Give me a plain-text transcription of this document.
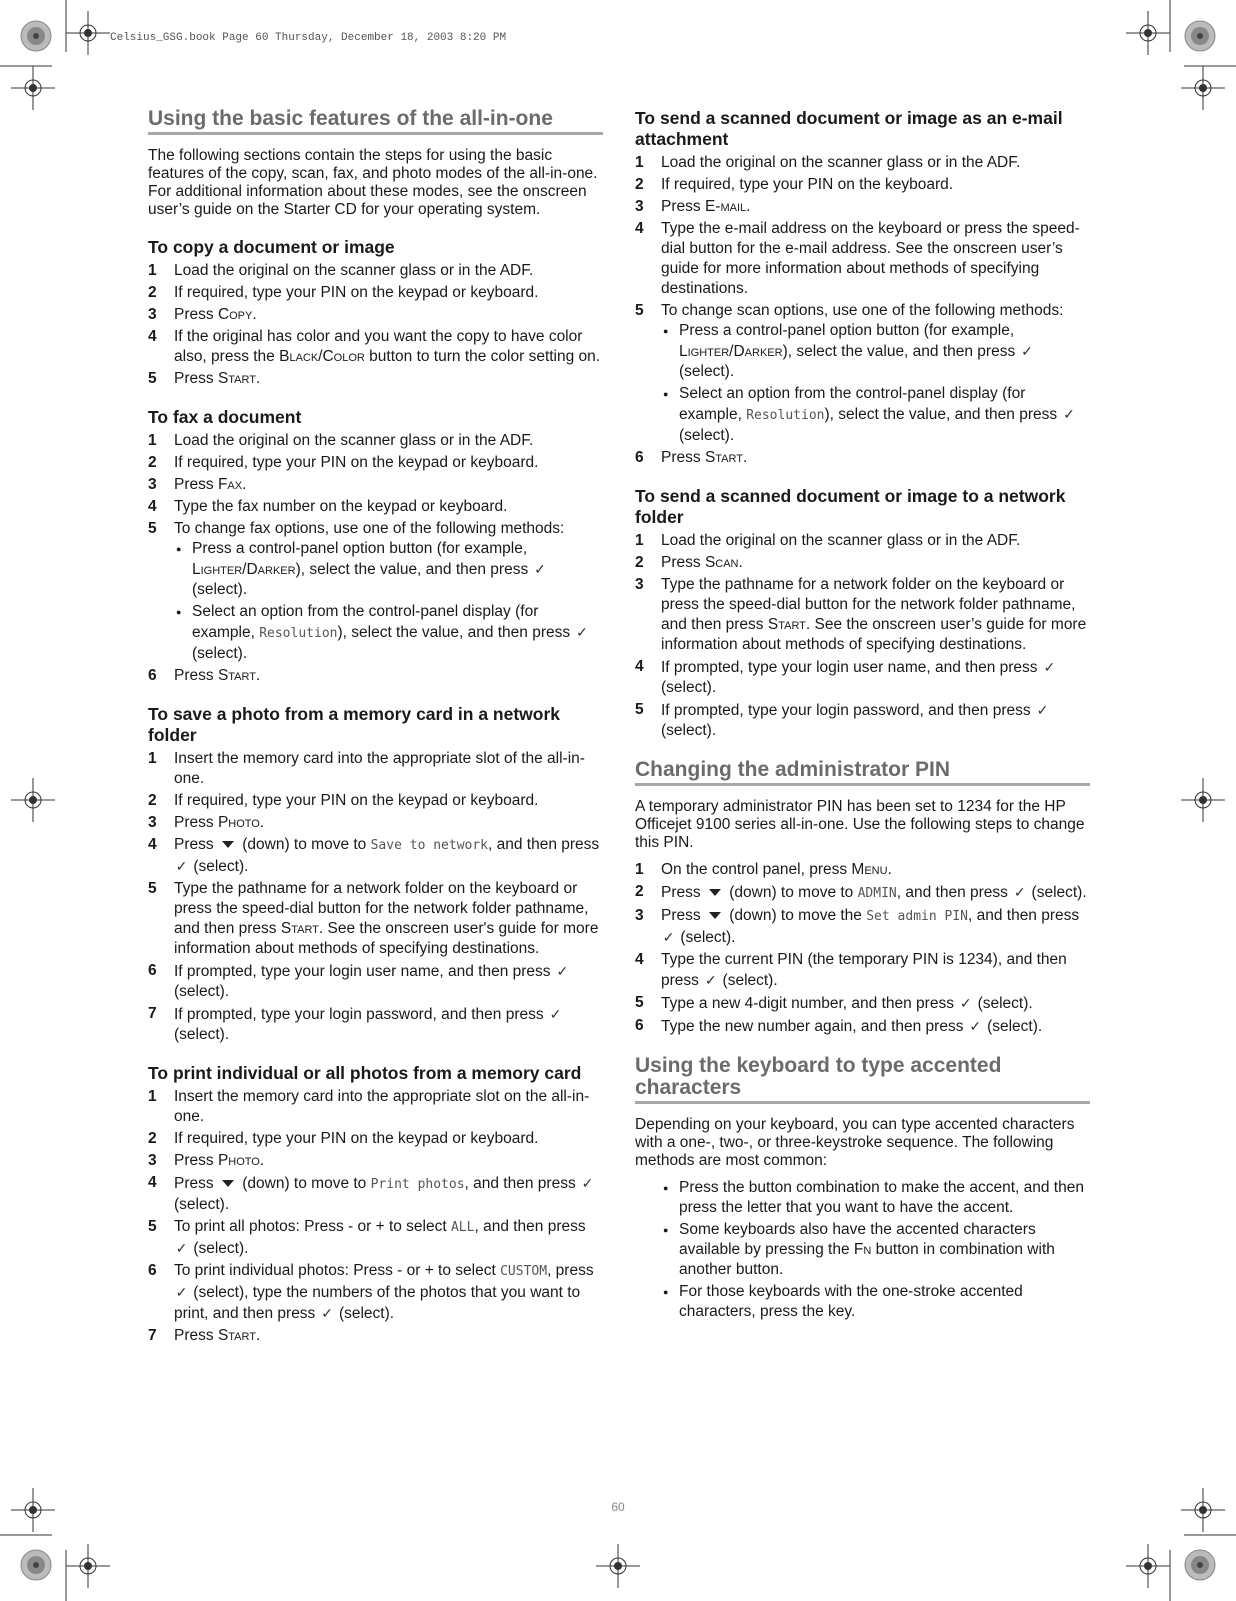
Celsius_GSG.book Page 60 Thursday, December 18, 2003 8:20 PM
Using the basic features of the all-in-one

The following sections contain the steps for using the basic features of the copy, scan, fax, and photo modes of the all-in-one. For additional information about these modes, see the onscreen user’s guide on the Starter CD for your operating system.

To copy a document or image
1 Load the original on the scanner glass or in the ADF.
2 If required, type your PIN on the keypad or keyboard.
3 Press Copy.
4 If the original has color and you want the copy to have color also, press the Black/Color button to turn the color setting on.
5 Press Start.
To fax a document
1 Load the original on the scanner glass or in the ADF.
2 If required, type your PIN on the keypad or keyboard.
3 Press Fax.
4 Type the fax number on the keypad or keyboard.
5 To change fax options, use one of the following methods:
● Press a control-panel option button (for example, Lighter/Darker), select the value, and then press ✓ (select).
● Select an option from the control-panel display (for example, Resolution), select the value, and then press ✓ (select).
6 Press Start.
To save a photo from a memory card in a network folder
1 Insert the memory card into the appropriate slot of the all-in-one.
2 If required, type your PIN on the keypad or keyboard.
3 Press Photo.
4 Press  (down) to move to Save to network, and then press ✓ (select).
5 Type the pathname for a network folder on the keyboard or press the speed-dial button for the network folder pathname, and then press Start. See the onscreen user's guide for more information about methods of specifying destinations.
6 If prompted, type your login user name, and then press ✓ (select).
7 If prompted, type your login password, and then press ✓ (select).
To print individual or all photos from a memory card
1 Insert the memory card into the appropriate slot on the all-in-one.
2 If required, type your PIN on the keypad or keyboard.
3 Press Photo.
4 Press  (down) to move to Print photos, and then press ✓ (select).
5 To print all photos: Press - or + to select ALL, and then press ✓ (select).
6 To print individual photos: Press - or + to select CUSTOM, press ✓ (select), type the numbers of the photos that you want to print, and then press ✓ (select).
7 Press Start.
To send a scanned document or image as an e-mail attachment
1 Load the original on the scanner glass or in the ADF.
2 If required, type your PIN on the keyboard.
3 Press E-mail.
4 Type the e-mail address on the keyboard or press the speed-dial button for the e-mail address. See the onscreen user’s guide for more information about methods of specifying destinations.
5 To change scan options, use one of the following methods:
● Press a control-panel option button (for example, Lighter/Darker), select the value, and then press ✓ (select).
● Select an option from the control-panel display (for example, Resolution), select the value, and then press ✓ (select).
6 Press Start.
To send a scanned document or image to a network folder
1 Load the original on the scanner glass or in the ADF.
2 Press Scan.
3 Type the pathname for a network folder on the keyboard or press the speed-dial button for the network folder pathname, and then press Start. See the onscreen user’s guide for more information about methods of specifying destinations.
4 If prompted, type your login user name, and then press ✓ (select).
5 If prompted, type your login password, and then press ✓ (select).
Changing the administrator PIN

A temporary administrator PIN has been set to 1234 for the HP Officejet 9100 series all-in-one. Use the following steps to change this PIN.

1 On the control panel, press Menu.
2 Press  (down) to move to ADMIN, and then press ✓ (select).
3 Press  (down) to move the Set admin PIN, and then press ✓ (select).
4 Type the current PIN (the temporary PIN is 1234), and then press ✓ (select).
5 Type a new 4-digit number, and then press ✓ (select).
6 Type the new number again, and then press ✓ (select).
Using the keyboard to type accented characters

Depending on your keyboard, you can type accented characters with a one-, two-, or three-keystroke sequence. The following methods are most common:

● Press the button combination to make the accent, and then press the letter that you want to have the accent.
● Some keyboards also have the accented characters available by pressing the Fn button in combination with another button.
● For those keyboards with the one-stroke accented characters, press the key.
60
